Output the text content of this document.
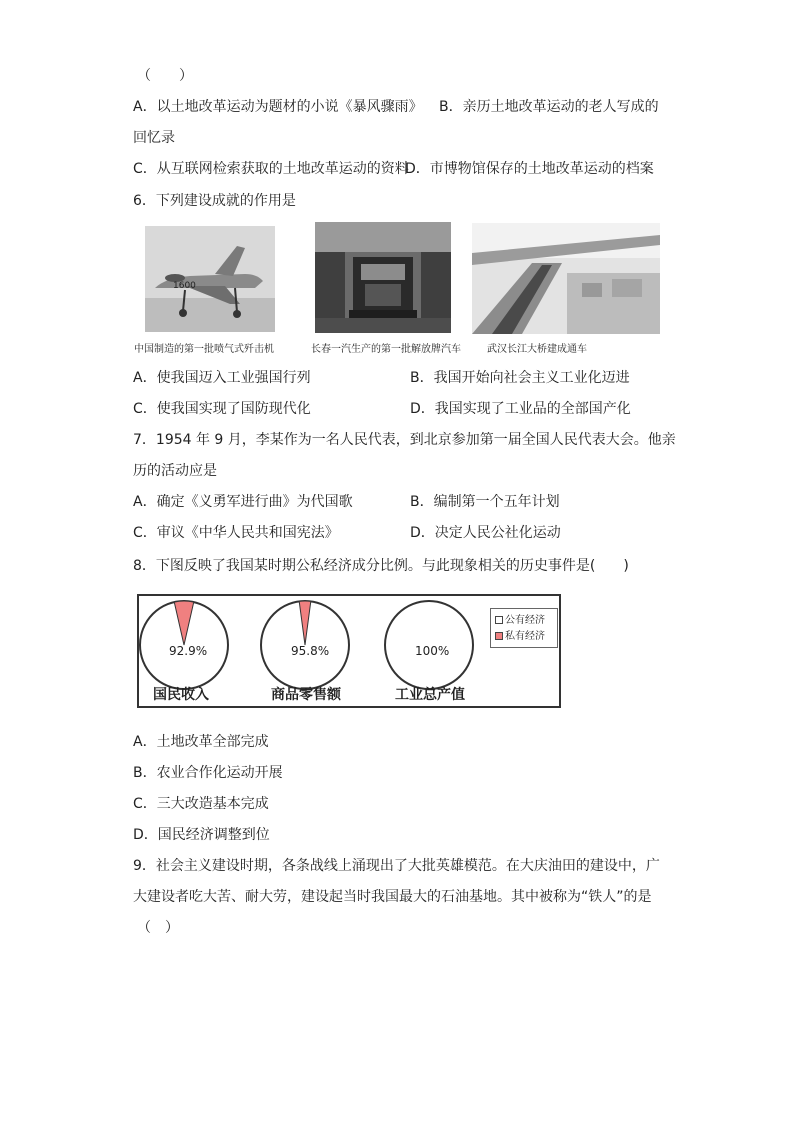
（　　）
A．以土地改革运动为题材的小说《暴风骤雨》 B．亲历土地改革运动的老人写成的
回忆录
C．从互联网检索获取的土地改革运动的资料
D．市博物馆保存的土地改革运动的档案
6．下列建设成就的作用是
1600
中国制造的第一批喷气式歼击机	长春一汽生产的第一批解放牌汽车	武汉长江大桥建成通车
A．使我国迈入工业强国行列	B．我国开始向社会主义工业化迈进
C．使我国实现了国防现代化	D．我国实现了工业品的全部国产化
7．1954 年 9 月，李某作为一名人民代表，到北京参加第一届全国人民代表大会。他亲
历的活动应是
A．确定《义勇军进行曲》为代国歌	B．编制第一个五年计划
C．审议《中华人民共和国宪法》	D．决定人民公社化运动
8．下图反映了我国某时期公私经济成分比例。与此现象相关的历史事件是(　　)
92.9%	95.8%	100%
国民收入	商品零售额	工业总产值
公有经济
私有经济
A．土地改革全部完成
B．农业合作化运动开展
C．三大改造基本完成
D．国民经济调整到位
9．社会主义建设时期，各条战线上涌现出了大批英雄模范。在大庆油田的建设中，广
大建设者吃大苦、耐大劳，建设起当时我国最大的石油基地。其中被称为“铁人”的是
（　）
